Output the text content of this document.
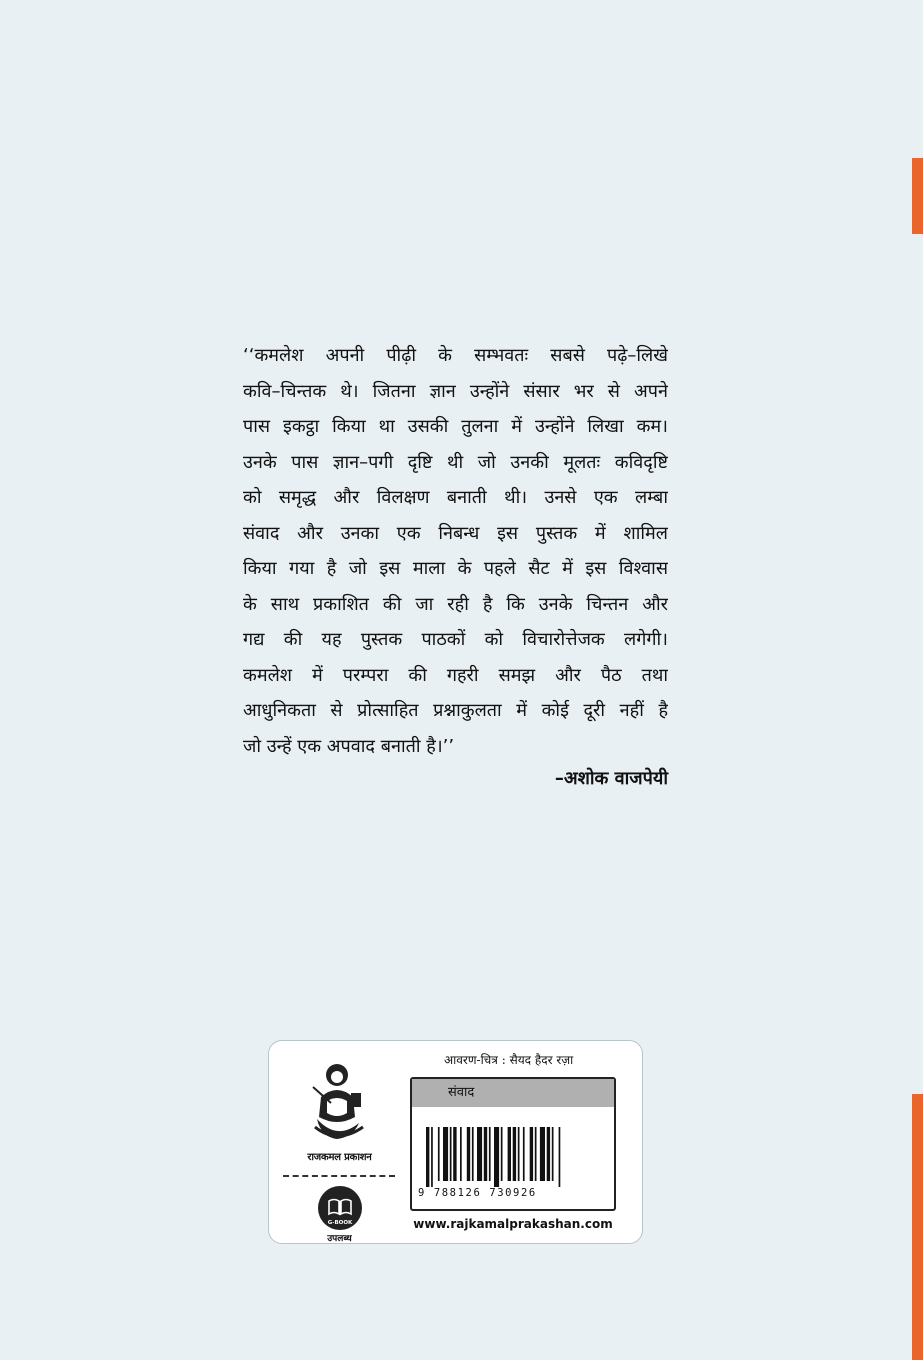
‘‘कमलेश अपनी पीढ़ी के सम्भवतः सबसे पढ़े–लिखे
कवि–चिन्तक थे। जितना ज्ञान उन्होंने संसार भर से अपने
पास इकट्ठा किया था उसकी तुलना में उन्होंने लिखा कम।
उनके पास ज्ञान–पगी दृष्टि थी जो उनकी मूलतः कविदृष्टि
को समृद्ध और विलक्षण बनाती थी। उनसे एक लम्बा
संवाद और उनका एक निबन्ध इस पुस्तक में शामिल
किया गया है जो इस माला के पहले सैट में इस विश्वास
के साथ प्रकाशित की जा रही है कि उनके चिन्तन और
गद्य की यह पुस्तक पाठकों को विचारोत्तेजक लगेगी।
कमलेश में परम्परा की गहरी समझ और पैठ तथा
आधुनिकता से प्रोत्साहित प्रश्नाकुलता में कोई दूरी नहीं है
जो उन्हें एक अपवाद बनाती है।’’
–अशोक वाजपेयी
राजकमल प्रकाशन
G-BOOK
उपलब्ध
आवरण-चित्र : सैयद हैदर रज़ा
संवाद
9 788126 730926
www.rajkamalprakashan.com
